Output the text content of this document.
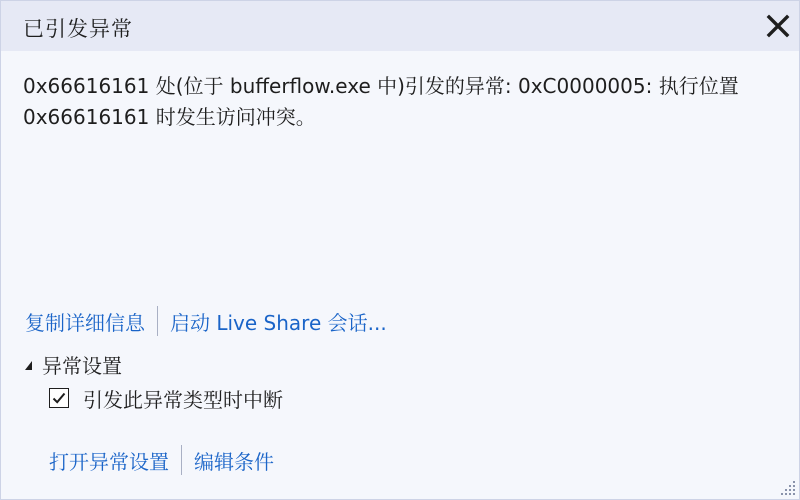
已引发异常
0x66616161 处(位于 bufferflow.exe 中)引发的异常: 0xC0000005: 执行位置 0x66616161 时发生访问冲突。
复制详细信息 启动 Live Share 会话...
异常设置
引发此异常类型时中断
打开异常设置 编辑条件
